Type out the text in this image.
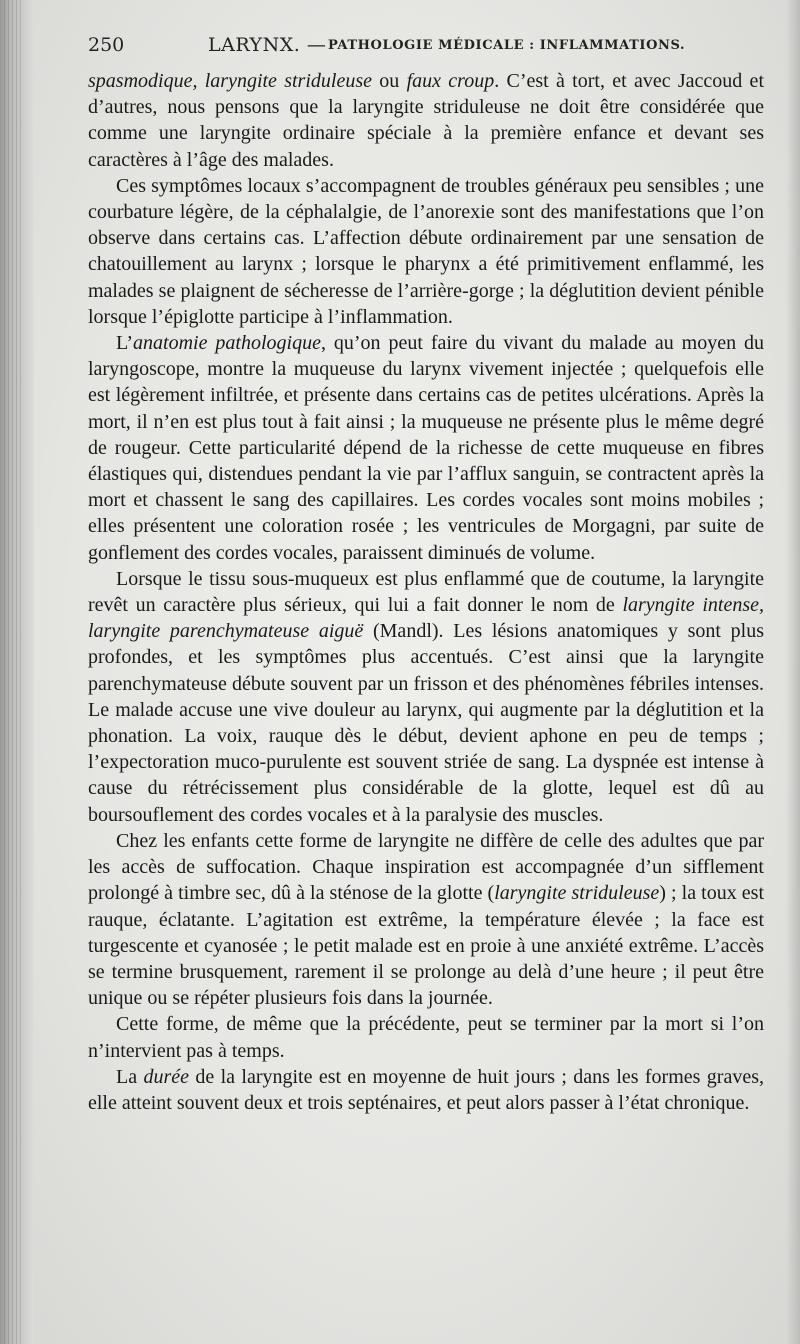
250	LARYNX. — PATHOLOGIE MÉDICALE : INFLAMMATIONS.

spasmodique, laryngite striduleuse ou faux croup. C’est à tort, et avec Jaccoud et d’autres, nous pensons que la laryngite striduleuse ne doit être considérée que comme une laryngite ordinaire spéciale à la première enfance et devant ses caractères à l’âge des malades.

Ces symptômes locaux s’accompagnent de troubles généraux peu sensibles ; une courbature légère, de la céphalalgie, de l’anorexie sont des manifestations que l’on observe dans certains cas. L’affection débute ordinairement par une sensation de chatouillement au larynx ; lorsque le pharynx a été primitivement enflammé, les malades se plaignent de sécheresse de l’arrière-gorge ; la déglutition devient pénible lorsque l’épiglotte participe à l’inflammation.

L’anatomie pathologique, qu’on peut faire du vivant du malade au moyen du laryngoscope, montre la muqueuse du larynx vivement injectée ; quelquefois elle est légèrement infiltrée, et présente dans certains cas de petites ulcérations. Après la mort, il n’en est plus tout à fait ainsi ; la muqueuse ne présente plus le même degré de rougeur. Cette particularité dépend de la richesse de cette muqueuse en fibres élastiques qui, distendues pendant la vie par l’afflux sanguin, se contractent après la mort et chassent le sang des capillaires. Les cordes vocales sont moins mobiles ; elles présentent une coloration rosée ; les ventricules de Morgagni, par suite de gonflement des cordes vocales, paraissent diminués de volume.

Lorsque le tissu sous-muqueux est plus enflammé que de coutume, la laryngite revêt un caractère plus sérieux, qui lui a fait donner le nom de laryngite intense, laryngite parenchymateuse aiguë (Mandl). Les lésions anatomiques y sont plus profondes, et les symptômes plus accentués. C’est ainsi que la laryngite parenchymateuse débute souvent par un frisson et des phénomènes fébriles intenses. Le malade accuse une vive douleur au larynx, qui augmente par la déglutition et la phonation. La voix, rauque dès le début, devient aphone en peu de temps ; l’expectoration muco-purulente est souvent striée de sang. La dyspnée est intense à cause du rétrécissement plus considérable de la glotte, lequel est dû au boursouflement des cordes vocales et à la paralysie des muscles.

Chez les enfants cette forme de laryngite ne diffère de celle des adultes que par les accès de suffocation. Chaque inspiration est accompagnée d’un sifflement prolongé à timbre sec, dû à la sténose de la glotte (laryngite striduleuse) ; la toux est rauque, éclatante. L’agitation est extrême, la température élevée ; la face est turgescente et cyanosée ; le petit malade est en proie à une anxiété extrême. L’accès se termine brusquement, rarement il se prolonge au delà d’une heure ; il peut être unique ou se répéter plusieurs fois dans la journée.

Cette forme, de même que la précédente, peut se terminer par la mort si l’on n’intervient pas à temps.

La durée de la laryngite est en moyenne de huit jours ; dans les formes graves, elle atteint souvent deux et trois septénaires, et peut alors passer à l’état chronique.
